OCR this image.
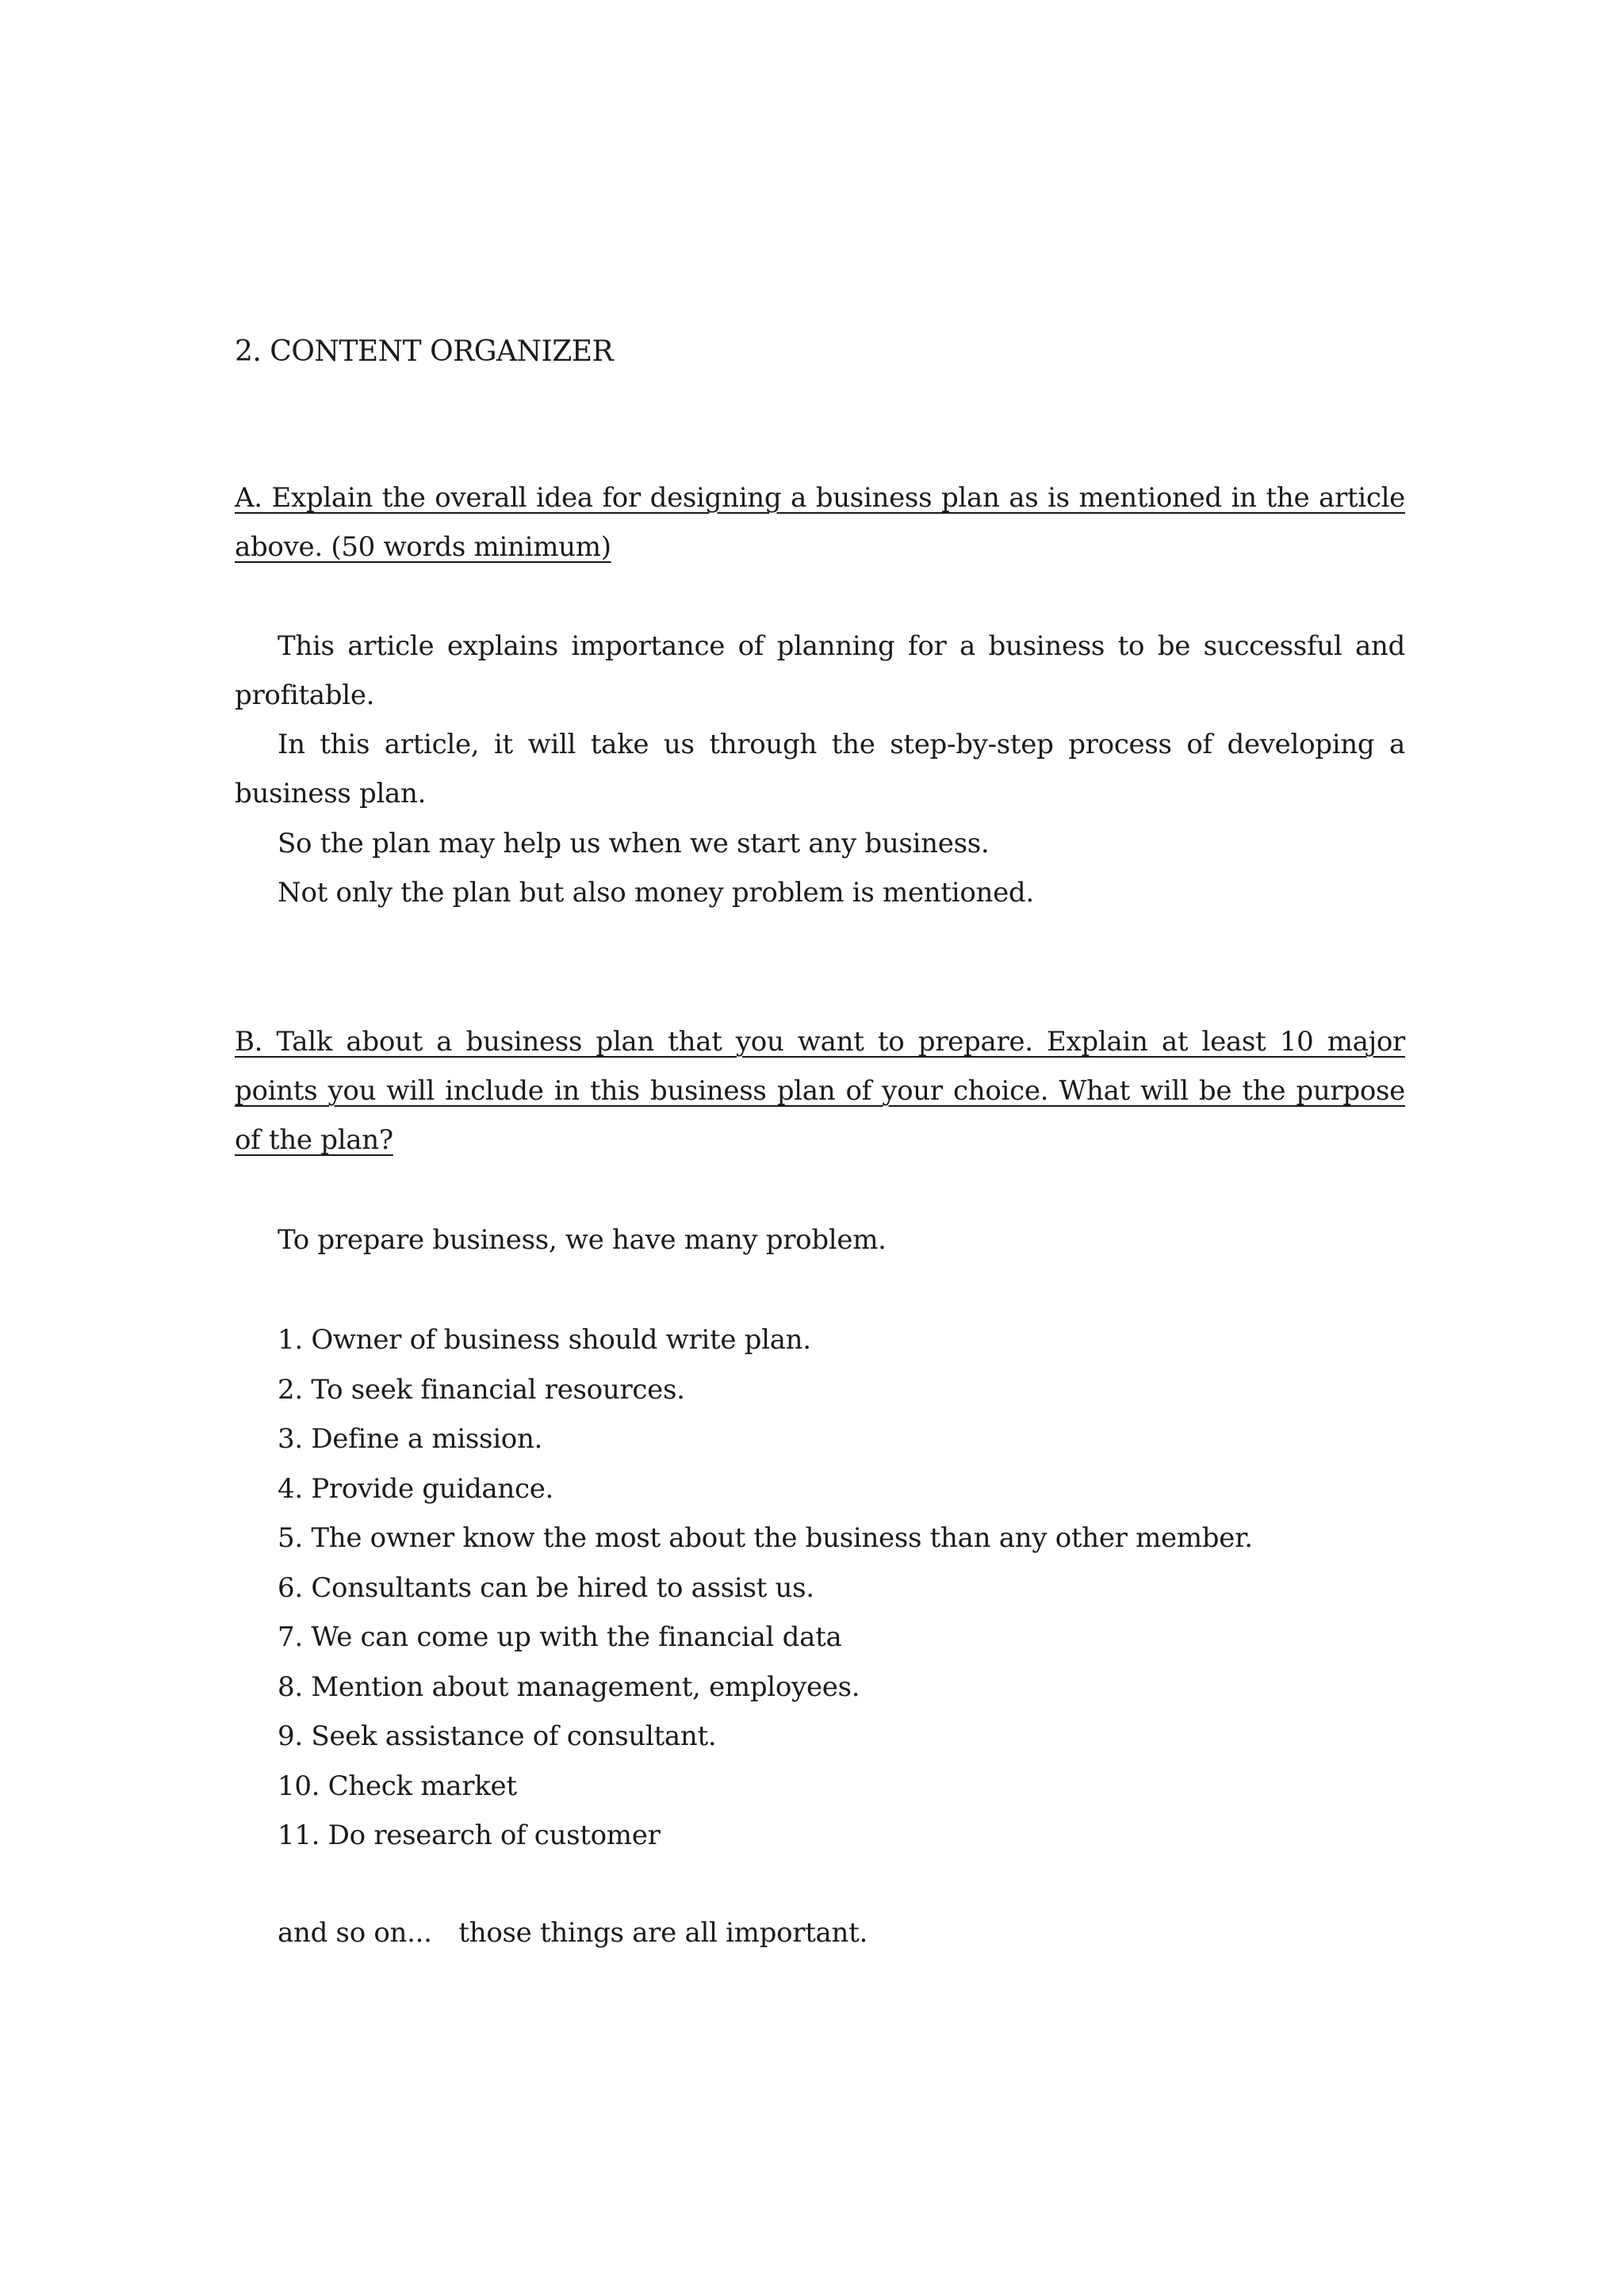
2. CONTENT ORGANIZER
A. Explain the overall idea for designing a business plan as is mentioned in the article above. (50 words minimum)
This article explains importance of planning for a business to be successful and profitable.
In this article, it will take us through the step-by-step process of developing a business plan.
So the plan may help us when we start any business.
Not only the plan but also money problem is mentioned.
B. Talk about a business plan that you want to prepare. Explain at least 10 major points you will include in this business plan of your choice. What will be the purpose of the plan?
To prepare business, we have many problem.
1. Owner of business should write plan.
2. To seek financial resources.
3. Define a mission.
4. Provide guidance.
5. The owner know the most about the business than any other member.
6. Consultants can be hired to assist us.
7. We can come up with the financial data
8. Mention about management, employees.
9. Seek assistance of consultant.
10. Check market
11. Do research of customer
and so on...　those things are all important.
